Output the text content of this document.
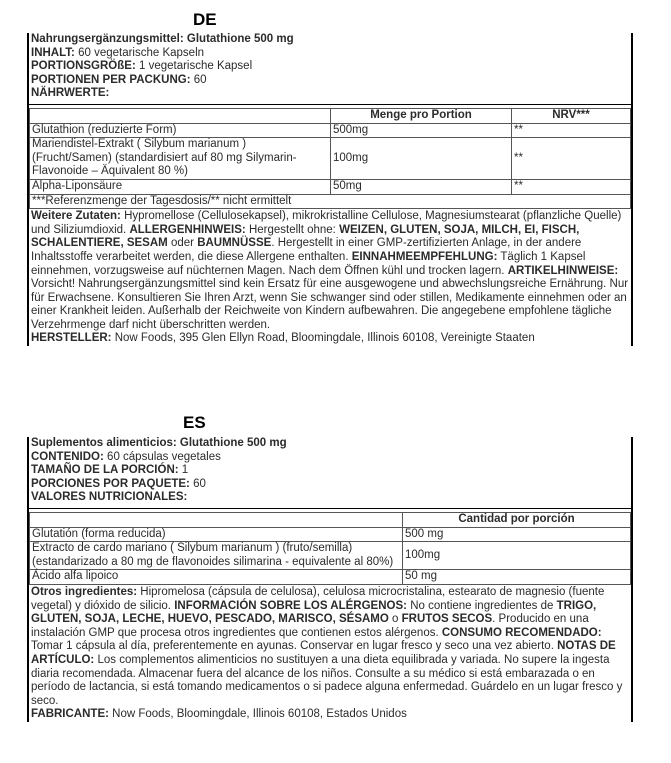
DE
Nahrungsergänzungsmittel: Glutathione 500 mg
INHALT: 60 vegetarische Kapseln
PORTIONSGRÖßE: 1 vegetarische Kapsel
PORTIONEN PER PACKUNG: 60
NÄHRWERTE:
	Menge pro Portion	NRV***
Glutathion (reduzierte Form)	500mg	**
Mariendistel-Extrakt ( Silybum marianum ) (Frucht/Samen) (standardisiert auf 80 mg Silymarin-Flavonoide – Äquivalent 80 %)	100mg	**
Alpha-Liponsäure	50mg	**
***Referenzmenge der Tagesdosis/** nicht ermittelt		
Weitere Zutaten: Hypromellose (Cellulosekapsel), mikrokristalline Cellulose, Magnesiumstearat (pflanzliche Quelle) und Siliziumdioxid. ALLERGENHINWEIS: Hergestellt ohne: WEIZEN, GLUTEN, SOJA, MILCH, EI, FISCH, SCHALENTIERE, SESAM oder BAUMNÜSSE. Hergestellt in einer GMP-zertifizierten Anlage, in der andere Inhaltsstoffe verarbeitet werden, die diese Allergene enthalten. EINNAHMEEMPFEHLUNG: Täglich 1 Kapsel einnehmen, vorzugsweise auf nüchternen Magen. Nach dem Öffnen kühl und trocken lagern. ARTIKELHINWEISE: Vorsicht! Nahrungsergänzungsmittel sind kein Ersatz für eine ausgewogene und abwechslungsreiche Ernährung. Nur für Erwachsene. Konsultieren Sie Ihren Arzt, wenn Sie schwanger sind oder stillen, Medikamente einnehmen oder an einer Krankheit leiden. Außerhalb der Reichweite von Kindern aufbewahren. Die angegebene empfohlene tägliche Verzehrmenge darf nicht überschritten werden.
HERSTELLER: Now Foods, 395 Glen Ellyn Road, Bloomingdale, Illinois 60108, Vereinigte Staaten
ES
Suplementos alimenticios: Glutathione 500 mg
CONTENIDO: 60 cápsulas vegetales
TAMAÑO DE LA PORCIÓN: 1
PORCIONES POR PAQUETE: 60
VALORES NUTRICIONALES:
	Cantidad por porción
Glutatión (forma reducida)	500 mg
Extracto de cardo mariano ( Silybum marianum ) (fruto/semilla) (estandarizado a 80 mg de flavonoides silimarina - equivalente al 80%)	100mg
Ácido alfa lipoico	50 mg
Otros ingredientes: Hipromelosa (cápsula de celulosa), celulosa microcristalina, estearato de magnesio (fuente vegetal) y dióxido de silicio. INFORMACIÓN SOBRE LOS ALÉRGENOS: No contiene ingredientes de TRIGO, GLUTEN, SOJA, LECHE, HUEVO, PESCADO, MARISCO, SÉSAMO o FRUTOS SECOS. Producido en una instalación GMP que procesa otros ingredientes que contienen estos alérgenos. CONSUMO RECOMENDADO: Tomar 1 cápsula al día, preferentemente en ayunas. Conservar en lugar fresco y seco una vez abierto. NOTAS DE ARTÍCULO: Los complementos alimenticios no sustituyen a una dieta equilibrada y variada. No supere la ingesta diaria recomendada. Almacenar fuera del alcance de los niños. Consulte a su médico si está embarazada o en período de lactancia, si está tomando medicamentos o si padece alguna enfermedad. Guárdelo en un lugar fresco y seco.
FABRICANTE: Now Foods, Bloomingdale, Illinois 60108, Estados Unidos
